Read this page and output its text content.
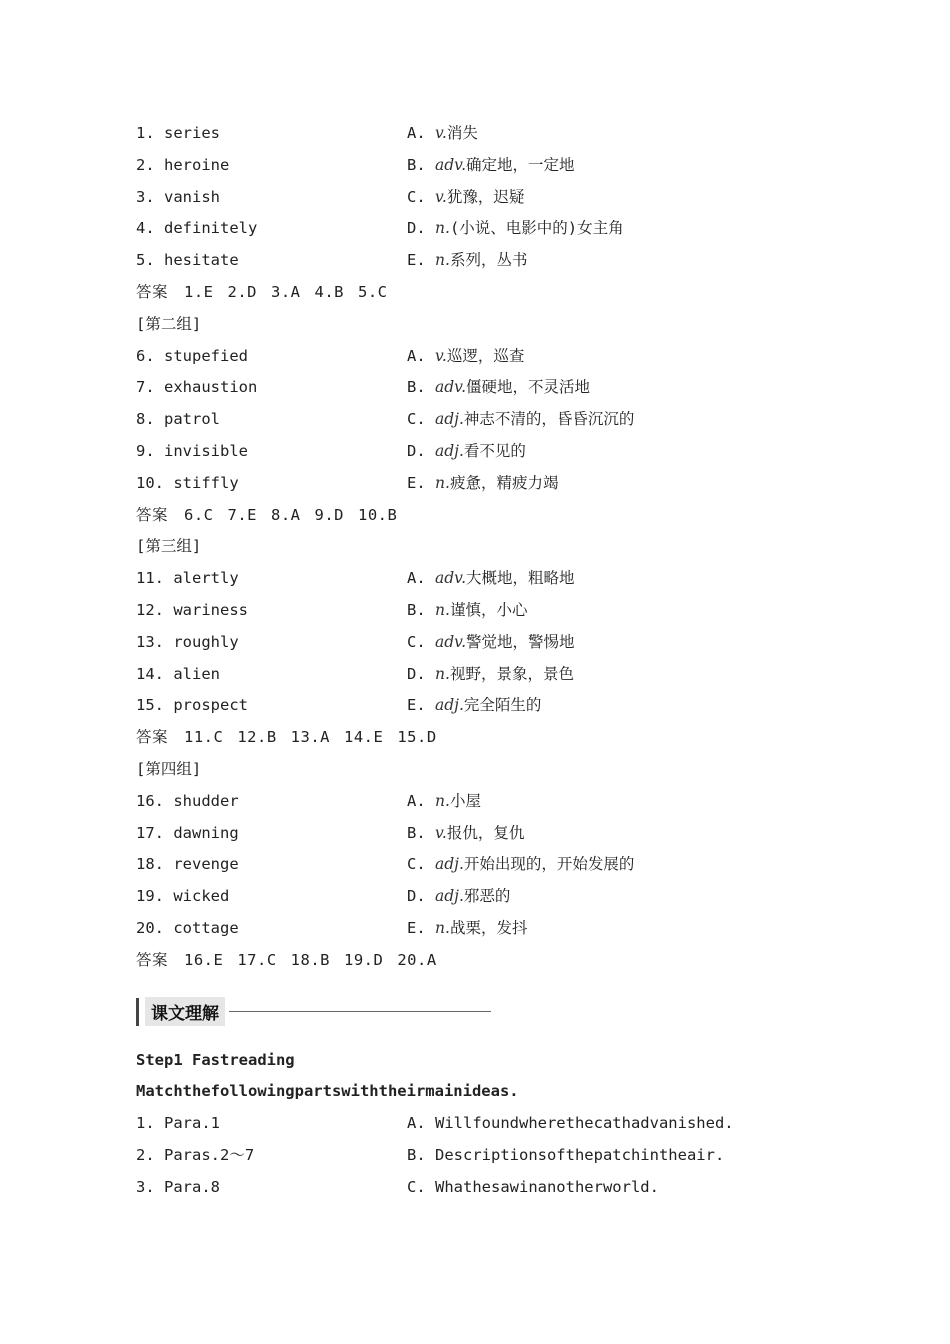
1. series	A. v.消失
2. heroine	B. adv.确定地，一定地
3. vanish	C. v.犹豫，迟疑
4. definitely	D. n.(小说、电影中的)女主角
5. hesitate	E. n.系列，丛书
答案 1.E 2.D 3.A 4.B 5.C
[第二组]
6. stupefied	A. v.巡逻，巡查
7. exhaustion	B. adv.僵硬地，不灵活地
8. patrol	C. adj.神志不清的，昏昏沉沉的
9. invisible	D. adj.看不见的
10. stiffly	E. n.疲惫，精疲力竭
答案 6.C 7.E 8.A 9.D 10.B
[第三组]
11. alertly	A. adv.大概地，粗略地
12. wariness	B. n.谨慎，小心
13. roughly	C. adv.警觉地，警惕地
14. alien	D. n.视野，景象，景色
15. prospect	E. adj.完全陌生的
答案 11.C 12.B 13.A 14.E 15.D
[第四组]
16. shudder	A. n.小屋
17. dawning	B. v.报仇，复仇
18. revenge	C. adj.开始出现的，开始发展的
19. wicked	D. adj.邪恶的
20. cottage	E. n.战栗，发抖
答案 16.E 17.C 18.B 19.D 20.A
课文理解
Step1 Fastreading
Matchthefollowingpartswiththeirmainideas.
1. Para.1	A. Willfoundwherethecathadvanished.
2. Paras.2～7	B. Descriptionsofthepatchintheair.
3. Para.8	C. Whathesawinanotherworld.
